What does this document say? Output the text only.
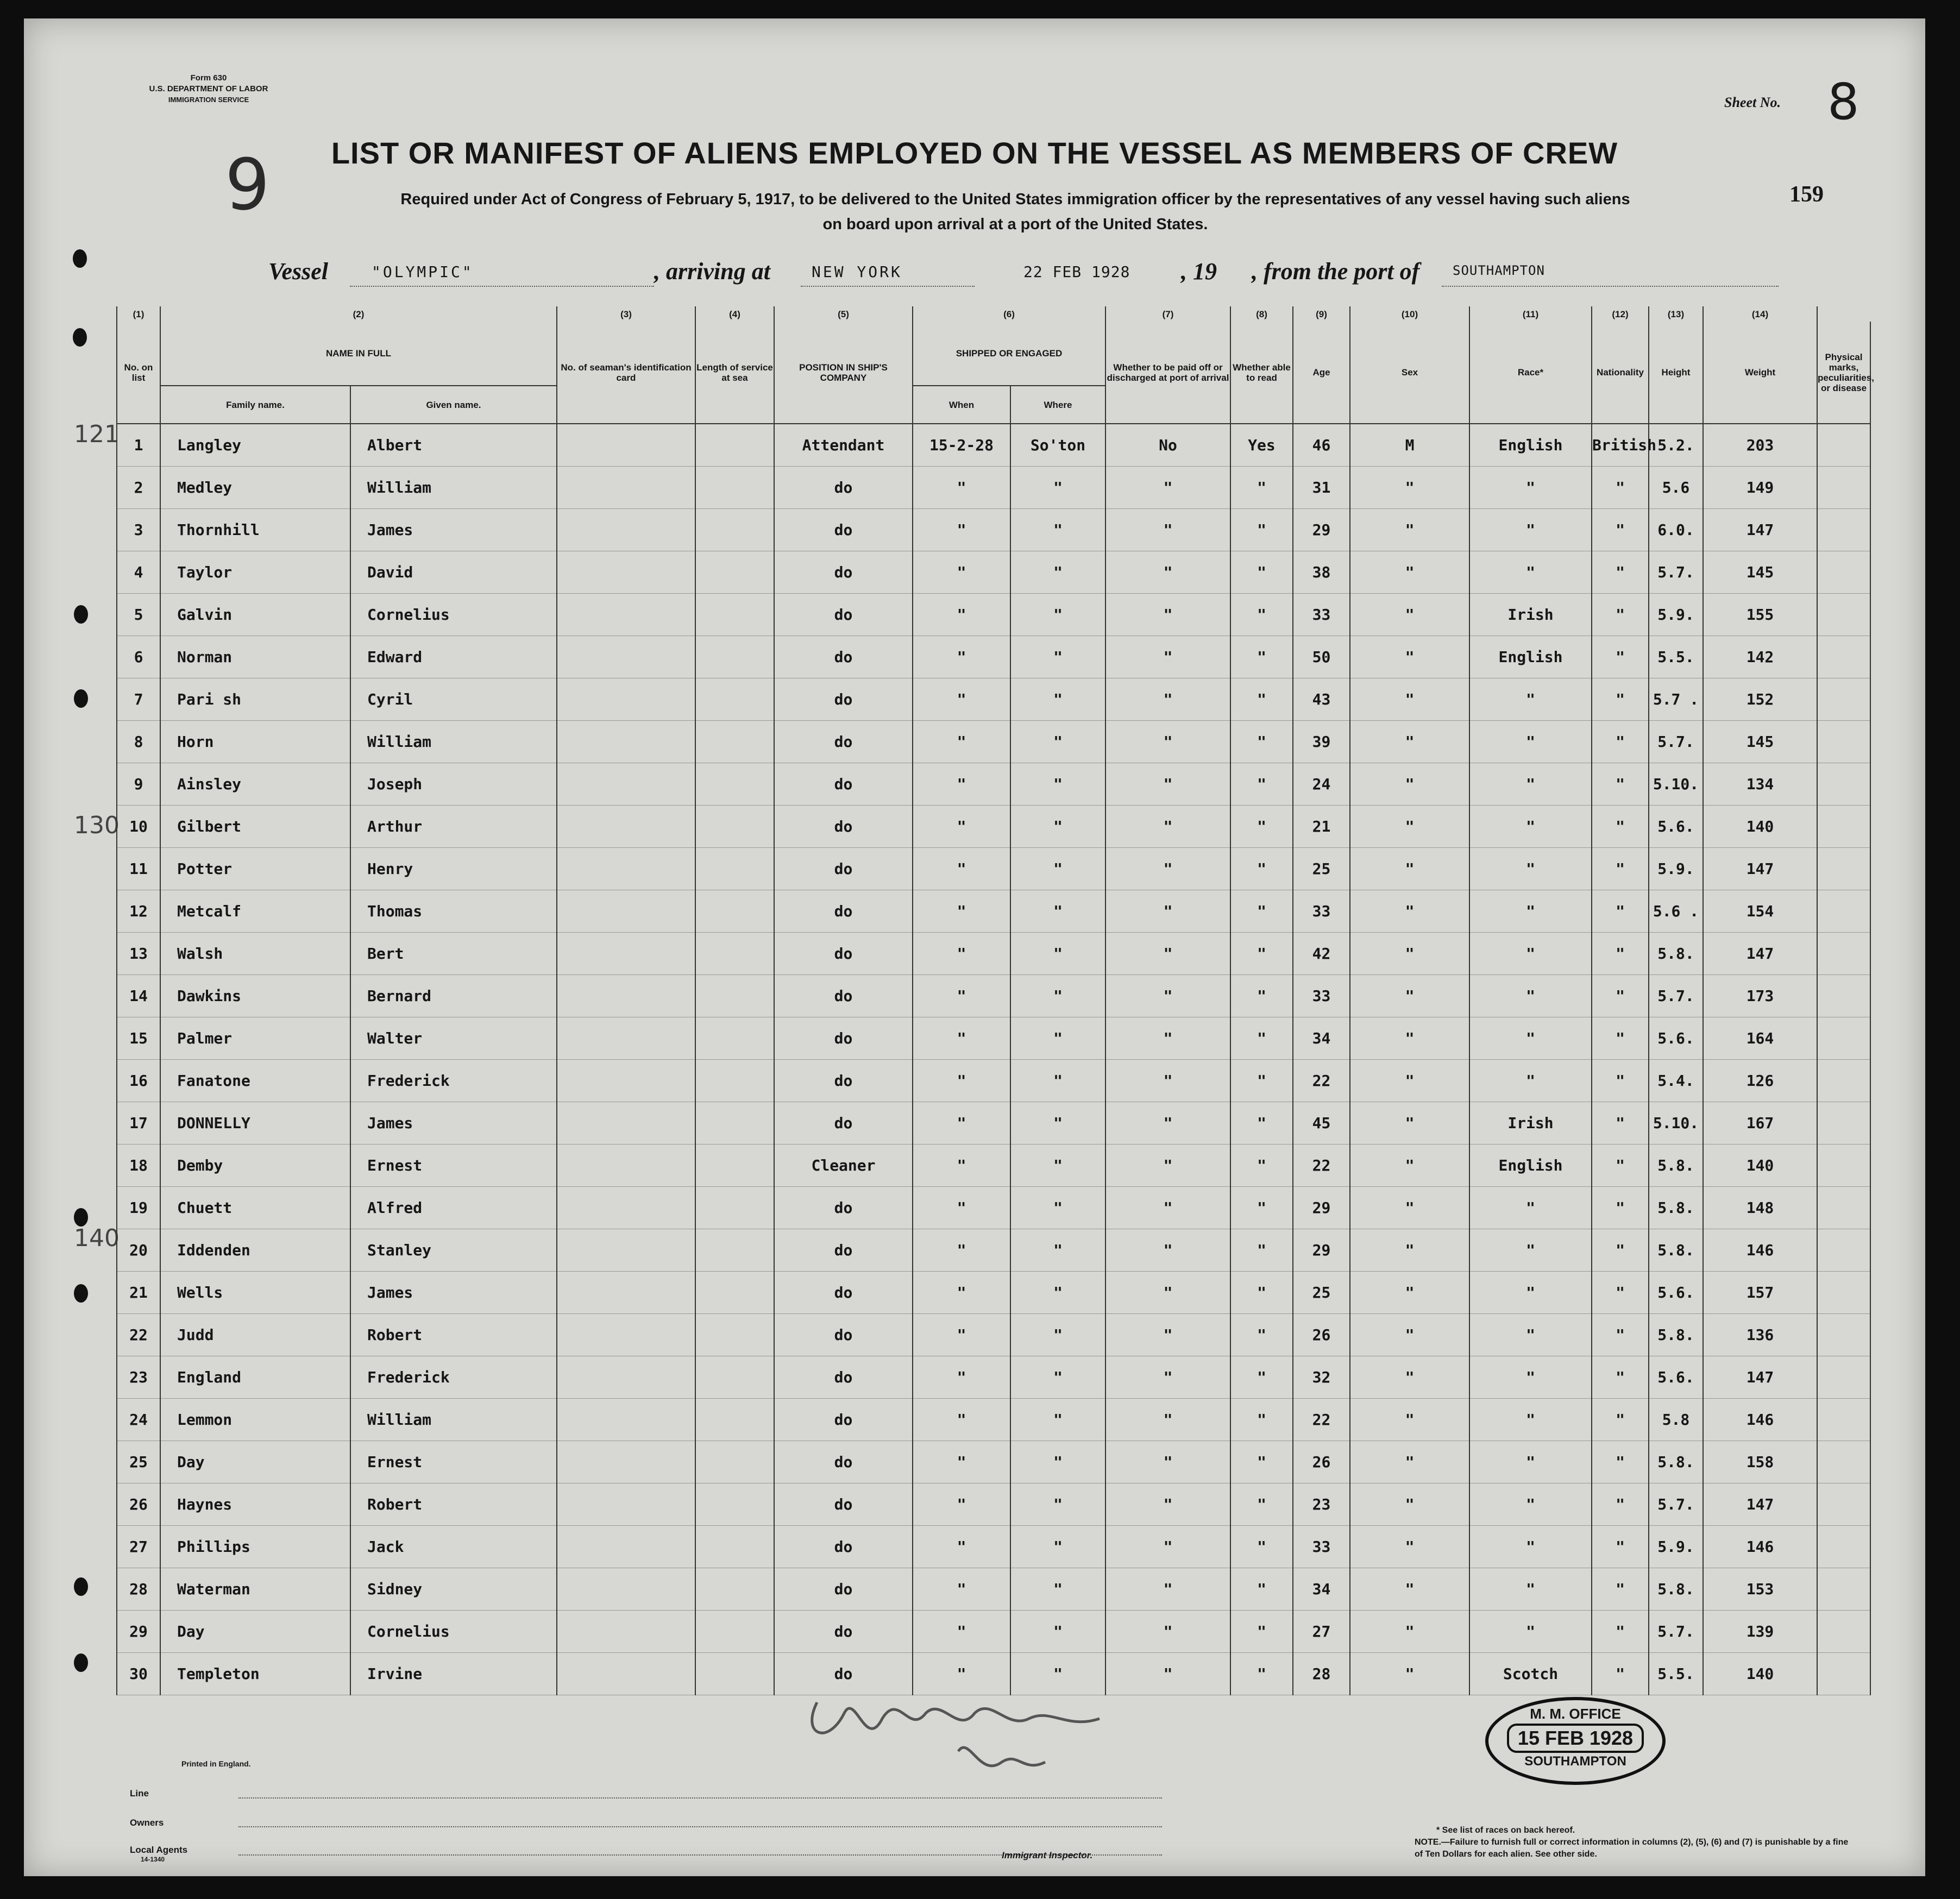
Form 630
U.S. DEPARTMENT OF LABOR
IMMIGRATION SERVICE
9
Sheet No. 8
159
LIST OR MANIFEST OF ALIENS EMPLOYED ON THE VESSEL AS MEMBERS OF CREW
Required under Act of Congress of February 5, 1917, to be delivered to the United States immigration officer by the representatives of any vessel having such aliens
on board upon arrival at a port of the United States.
Vessel	"OLYMPIC"	, arriving at	NEW YORK	22 FEB 1928 , 19 , from the port of	SOUTHAMPTON
121
130
140
(1)	(2)		(3)	(4)	(5)	(6)		(7)	(8)	(9)	(10)	(11)	(12)	(13)	(14)	
No. on list	NAME IN FULL		No. of seaman's identification card	Length of service at sea	POSITION IN SHIP'S COMPANY	SHIPPED OR ENGAGED		Whether to be paid off or discharged at port of arrival	Whether able to read	Age	Sex	Race*	Nationality	Height	Weight	Physical marks, peculiarities, or disease
	Family name.	Given name.				When	Where									
1	Langley	Albert			Attendant	15-2-28	So'ton	No	Yes	46	M	English	British	5.2.	203	
2	Medley	William			do	"	"	"	"	31	"	"	"	5.6	149	
3	Thornhill	James			do	"	"	"	"	29	"	"	"	6.0.	147	
4	Taylor	David			do	"	"	"	"	38	"	"	"	5.7.	145	
5	Galvin	Cornelius			do	"	"	"	"	33	"	Irish	"	5.9.	155	
6	Norman	Edward			do	"	"	"	"	50	"	English	"	5.5.	142	
7	Pari sh	Cyril			do	"	"	"	"	43	"	"	"	5.7 .	152	
8	Horn	William			do	"	"	"	"	39	"	"	"	5.7.	145	
9	Ainsley	Joseph			do	"	"	"	"	24	"	"	"	5.10.	134	
10	Gilbert	Arthur			do	"	"	"	"	21	"	"	"	5.6.	140	
11	Potter	Henry			do	"	"	"	"	25	"	"	"	5.9.	147	
12	Metcalf	Thomas			do	"	"	"	"	33	"	"	"	5.6 .	154	
13	Walsh	Bert			do	"	"	"	"	42	"	"	"	5.8.	147	
14	Dawkins	Bernard			do	"	"	"	"	33	"	"	"	5.7.	173	
15	Palmer	Walter			do	"	"	"	"	34	"	"	"	5.6.	164	
16	Fanatone	Frederick			do	"	"	"	"	22	"	"	"	5.4.	126	
17	DONNELLY	James			do	"	"	"	"	45	"	Irish	"	5.10.	167	
18	Demby	Ernest			Cleaner	"	"	"	"	22	"	English	"	5.8.	140	
19	Chuett	Alfred			do	"	"	"	"	29	"	"	"	5.8.	148	
20	Iddenden	Stanley			do	"	"	"	"	29	"	"	"	5.8.	146	
21	Wells	James			do	"	"	"	"	25	"	"	"	5.6.	157	
22	Judd	Robert			do	"	"	"	"	26	"	"	"	5.8.	136	
23	England	Frederick			do	"	"	"	"	32	"	"	"	5.6.	147	
24	Lemmon	William			do	"	"	"	"	22	"	"	"	5.8	146	
25	Day	Ernest			do	"	"	"	"	26	"	"	"	5.8.	158	
26	Haynes	Robert			do	"	"	"	"	23	"	"	"	5.7.	147	
27	Phillips	Jack			do	"	"	"	"	33	"	"	"	5.9.	146	
28	Waterman	Sidney			do	"	"	"	"	34	"	"	"	5.8.	153	
29	Day	Cornelius			do	"	"	"	"	27	"	"	"	5.7.	139	
30	Templeton	Irvine			do	"	"	"	"	28	"	Scotch	"	5.5.	140	
Printed in England.
Line
Owners
Local Agents
14-1340	Immigrant Inspector.
* See list of races on back hereof.
NOTE.—Failure to furnish full or correct information in columns (2), (5), (6) and (7) is punishable by a fine of Ten Dollars for each alien. See other side.
M. M. OFFICE
15 FEB 1928
SOUTHAMPTON
